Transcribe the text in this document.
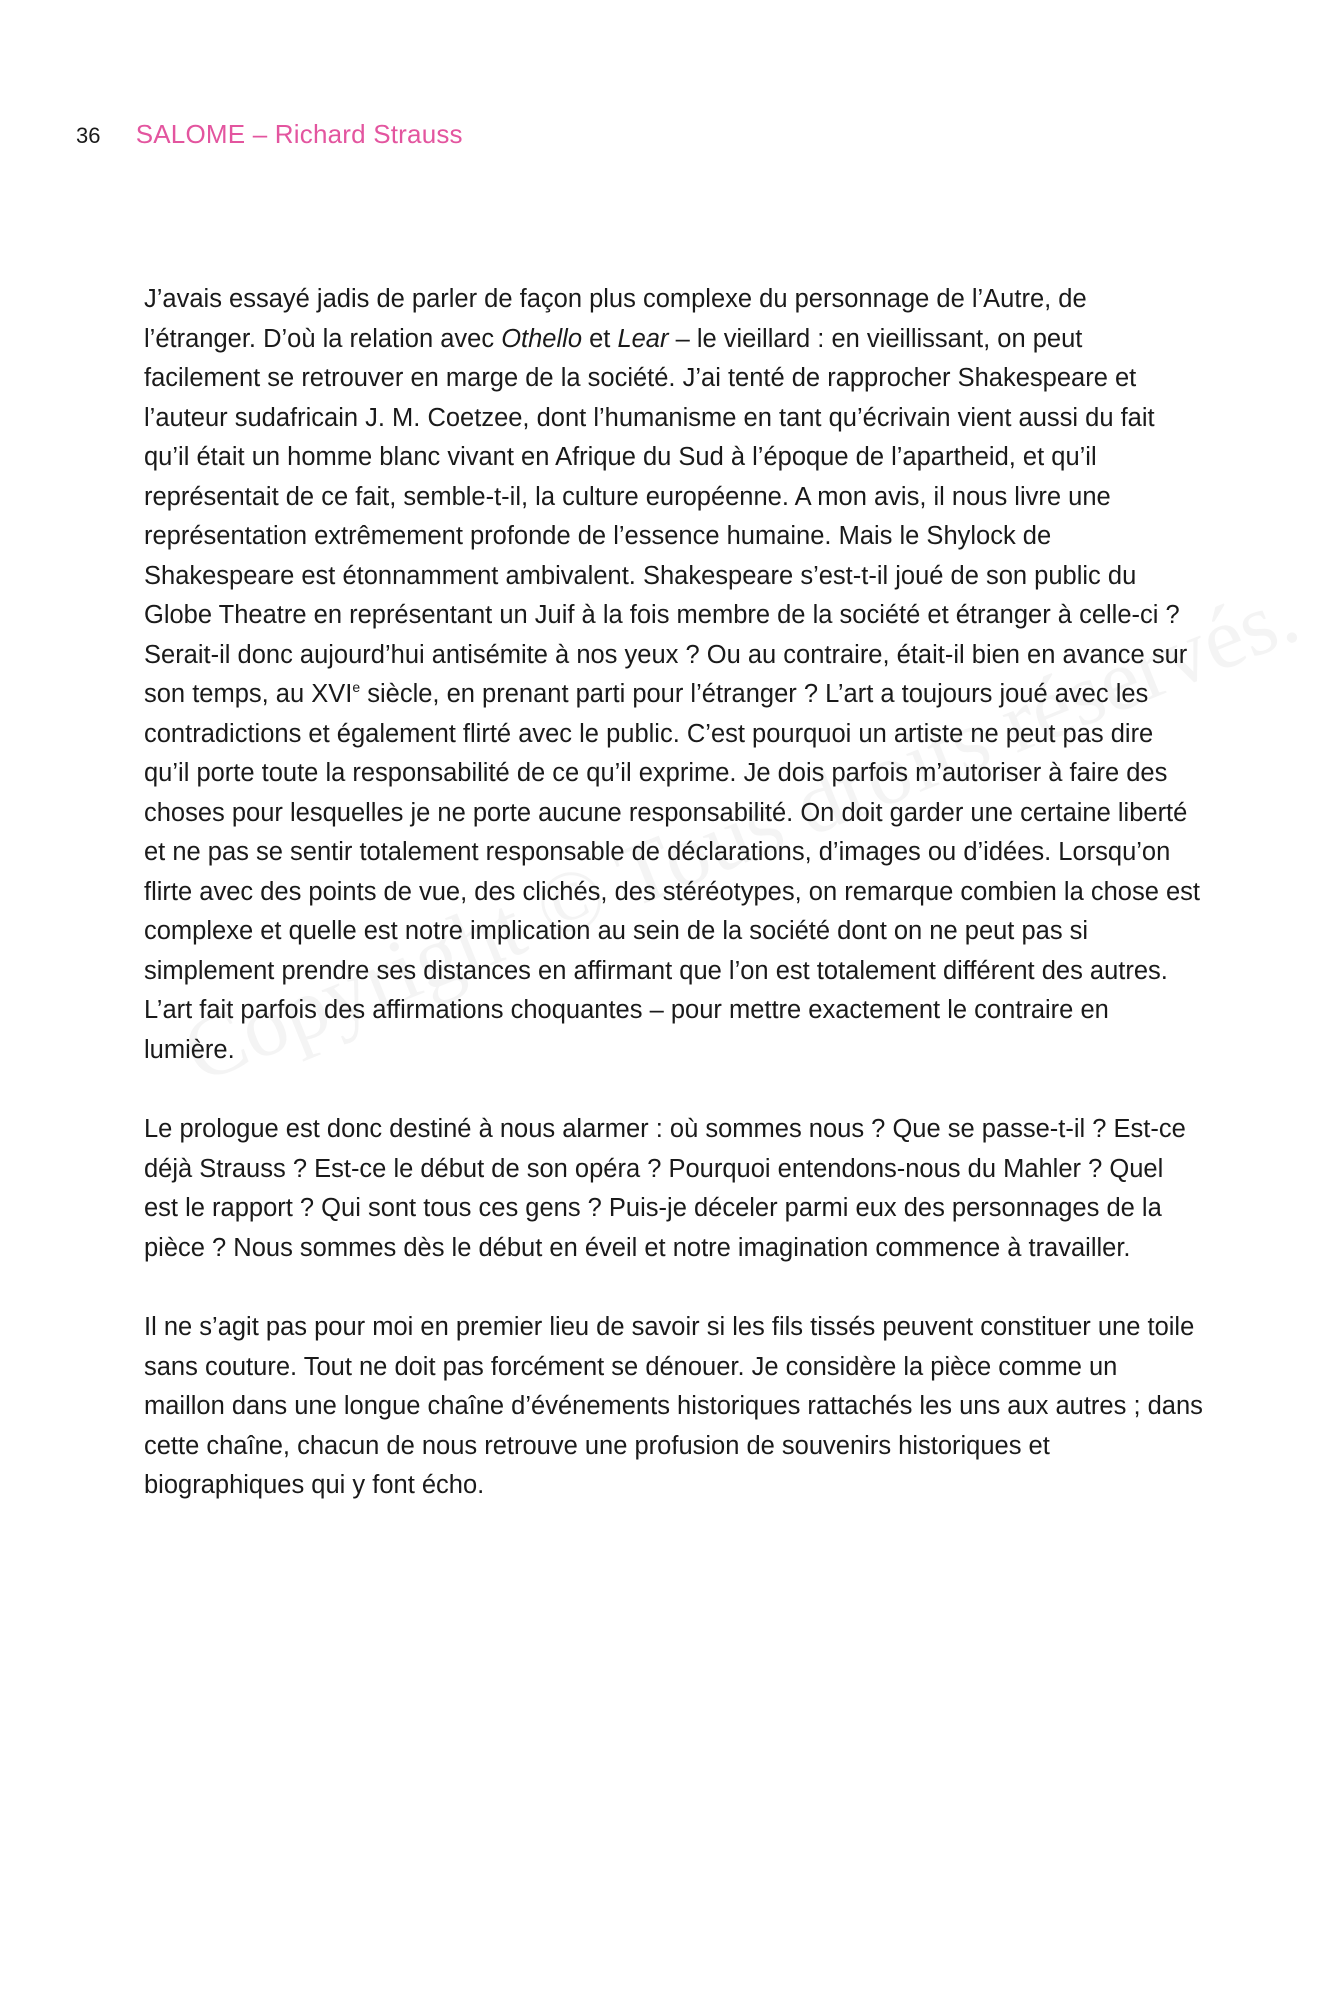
36 SALOME – Richard Strauss

J’avais essayé jadis de parler de façon plus complexe du personnage de l’Autre, de l’étranger. D’où la relation avec Othello et Lear – le vieillard : en vieillissant, on peut facilement se retrouver en marge de la société. J’ai tenté de rapprocher Shakespeare et l’auteur sudafricain J. M. Coetzee, dont l’humanisme en tant qu’écrivain vient aussi du fait qu’il était un homme blanc vivant en Afrique du Sud à l’époque de l’apartheid, et qu’il représentait de ce fait, semble-t-il, la culture européenne. A mon avis, il nous livre une représentation extrêmement profonde de l’essence humaine. Mais le Shylock de Shakespeare est étonnamment ambivalent. Shakespeare s’est-t-il joué de son public du Globe Theatre en représentant un Juif à la fois membre de la société et étranger à celle-ci ? Serait-il donc aujourd’hui antisémite à nos yeux ? Ou au contraire, était-il bien en avance sur son temps, au XVIe siècle, en prenant parti pour l’étranger ? L’art a toujours joué avec les contradictions et également flirté avec le public. C’est pourquoi un artiste ne peut pas dire qu’il porte toute la responsabilité de ce qu’il exprime. Je dois parfois m’autoriser à faire des choses pour lesquelles je ne porte aucune responsabilité. On doit garder une certaine liberté et ne pas se sentir totalement responsable de déclarations, d’images ou d’idées. Lorsqu’on flirte avec des points de vue, des clichés, des stéréotypes, on remarque combien la chose est complexe et quelle est notre implication au sein de la société dont on ne peut pas si simplement prendre ses distances en affirmant que l’on est totalement différent des autres. L’art fait parfois des affirmations choquantes – pour mettre exactement le contraire en lumière.

Le prologue est donc destiné à nous alarmer : où sommes nous ? Que se passe-t-il ? Est-ce déjà Strauss ? Est-ce le début de son opéra ? Pourquoi entendons-nous du Mahler ? Quel est le rapport ? Qui sont tous ces gens ? Puis-je déceler parmi eux des personnages de la pièce ? Nous sommes dès le début en éveil et notre imagination commence à travailler.

Il ne s’agit pas pour moi en premier lieu de savoir si les fils tissés peuvent constituer une toile sans couture. Tout ne doit pas forcément se dénouer. Je considère la pièce comme un maillon dans une longue chaîne d’événements historiques rattachés les uns aux autres ; dans cette chaîne, chacun de nous retrouve une profusion de souvenirs historiques et biographiques qui y font écho.
